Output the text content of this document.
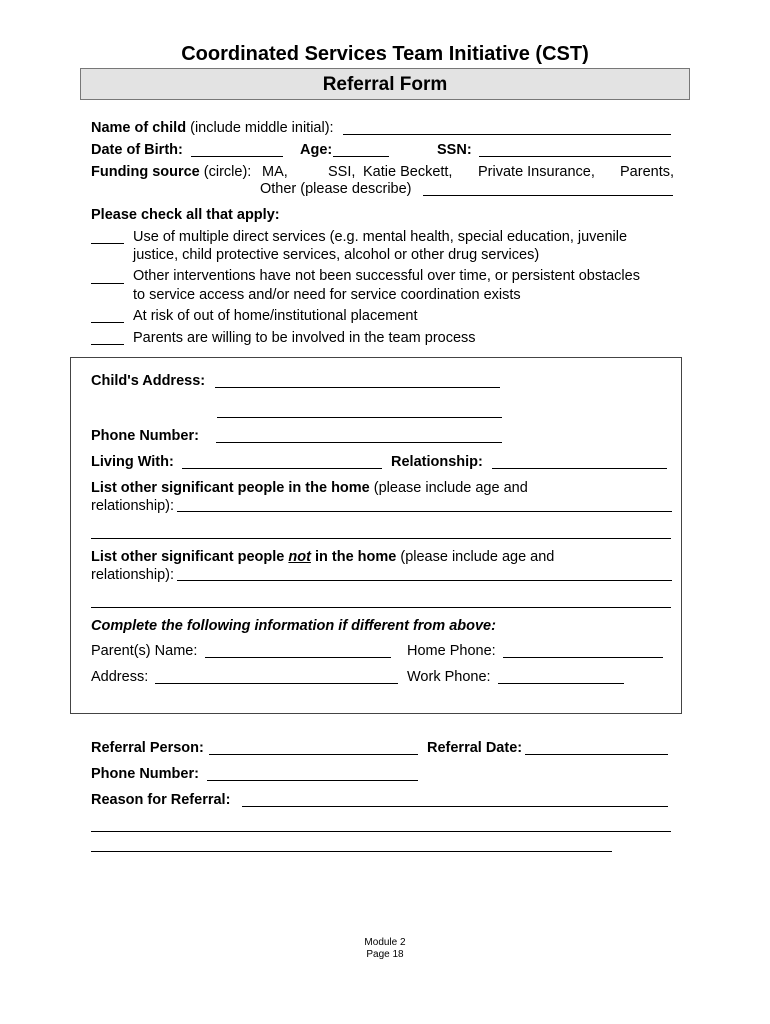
Coordinated Services Team Initiative (CST)
Referral Form
Name of child (include middle initial):
Date of Birth:	Age:	SSN:
Funding source (circle): MA,	SSI, Katie Beckett, Private Insurance, Parents,
Other (please describe)
Please check all that apply:
Use of multiple direct services (e.g. mental health, special education, juvenile
justice, child protective services, alcohol or other drug services)
Other interventions have not been successful over time, or persistent obstacles
to service access and/or need for service coordination exists
At risk of out of home/institutional placement
Parents are willing to be involved in the team process
Child's Address:
Phone Number:
Living With:	Relationship:
List other significant people in the home (please include age and
relationship):
List other significant people not in the home (please include age and
relationship):
Complete the following information if different from above:
Parent(s) Name:	Home Phone:
Address:	Work Phone:
Referral Person:	Referral Date:
Phone Number:
Reason for Referral:
Module 2
Page 18
